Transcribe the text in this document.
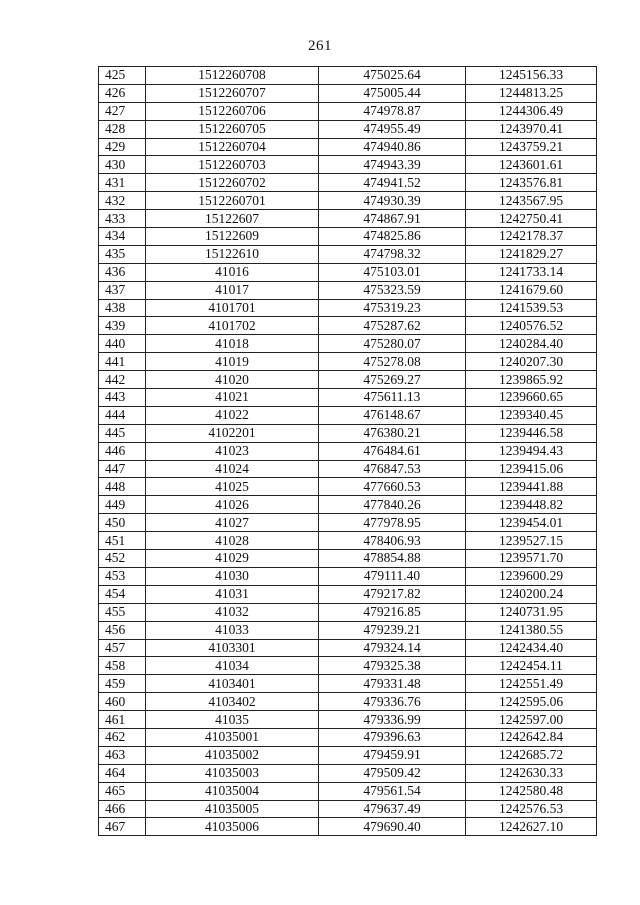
261
425	1512260708	475025.64	1245156.33
426	1512260707	475005.44	1244813.25
427	1512260706	474978.87	1244306.49
428	1512260705	474955.49	1243970.41
429	1512260704	474940.86	1243759.21
430	1512260703	474943.39	1243601.61
431	1512260702	474941.52	1243576.81
432	1512260701	474930.39	1243567.95
433	15122607	474867.91	1242750.41
434	15122609	474825.86	1242178.37
435	15122610	474798.32	1241829.27
436	41016	475103.01	1241733.14
437	41017	475323.59	1241679.60
438	4101701	475319.23	1241539.53
439	4101702	475287.62	1240576.52
440	41018	475280.07	1240284.40
441	41019	475278.08	1240207.30
442	41020	475269.27	1239865.92
443	41021	475611.13	1239660.65
444	41022	476148.67	1239340.45
445	4102201	476380.21	1239446.58
446	41023	476484.61	1239494.43
447	41024	476847.53	1239415.06
448	41025	477660.53	1239441.88
449	41026	477840.26	1239448.82
450	41027	477978.95	1239454.01
451	41028	478406.93	1239527.15
452	41029	478854.88	1239571.70
453	41030	479111.40	1239600.29
454	41031	479217.82	1240200.24
455	41032	479216.85	1240731.95
456	41033	479239.21	1241380.55
457	4103301	479324.14	1242434.40
458	41034	479325.38	1242454.11
459	4103401	479331.48	1242551.49
460	4103402	479336.76	1242595.06
461	41035	479336.99	1242597.00
462	41035001	479396.63	1242642.84
463	41035002	479459.91	1242685.72
464	41035003	479509.42	1242630.33
465	41035004	479561.54	1242580.48
466	41035005	479637.49	1242576.53
467	41035006	479690.40	1242627.10
